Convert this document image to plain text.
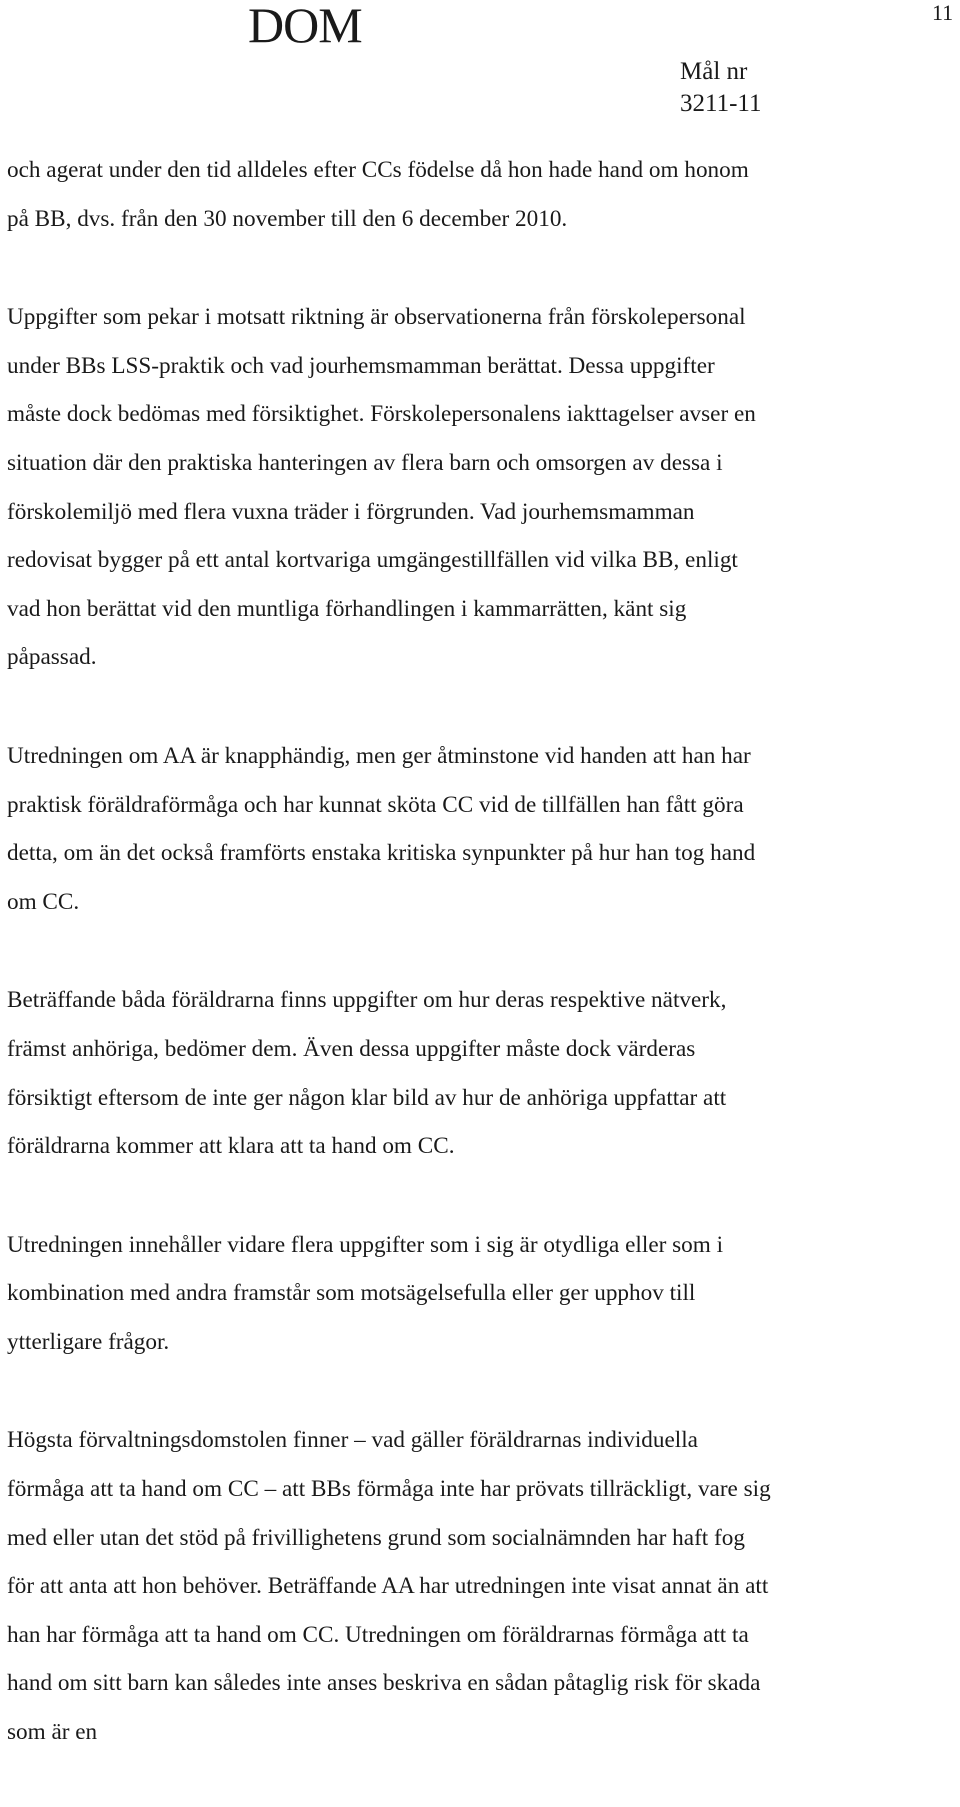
DOM	11
Mål nr
3211-11
och agerat under den tid alldeles efter CCs födelse då hon hade hand om honom
på BB, dvs. från den 30 november till den 6 december 2010.
Uppgifter som pekar i motsatt riktning är observationerna från förskolepersonal
under BBs LSS-praktik och vad jourhemsmamman berättat. Dessa uppgifter
måste dock bedömas med försiktighet. Förskolepersonalens iakttagelser avser en
situation där den praktiska hanteringen av flera barn och omsorgen av dessa i
förskolemiljö med flera vuxna träder i förgrunden. Vad jourhemsmamman
redovisat bygger på ett antal kortvariga umgängestillfällen vid vilka BB, enligt
vad hon berättat vid den muntliga förhandlingen i kammarrätten, känt sig
påpassad.
Utredningen om AA är knapphändig, men ger åtminstone vid handen att han har
praktisk föräldraförmåga och har kunnat sköta CC vid de tillfällen han fått göra
detta, om än det också framförts enstaka kritiska synpunkter på hur han tog hand
om CC.
Beträffande båda föräldrarna finns uppgifter om hur deras respektive nätverk,
främst anhöriga, bedömer dem. Även dessa uppgifter måste dock värderas
försiktigt eftersom de inte ger någon klar bild av hur de anhöriga uppfattar att
föräldrarna kommer att klara att ta hand om CC.
Utredningen innehåller vidare flera uppgifter som i sig är otydliga eller som i
kombination med andra framstår som motsägelsefulla eller ger upphov till
ytterligare frågor.
Högsta förvaltningsdomstolen finner – vad gäller föräldrarnas individuella
förmåga att ta hand om CC – att BBs förmåga inte har prövats tillräckligt, vare sig
med eller utan det stöd på frivillighetens grund som socialnämnden har haft fog
för att anta att hon behöver. Beträffande AA har utredningen inte visat annat än att
han har förmåga att ta hand om CC. Utredningen om föräldrarnas förmåga att ta
hand om sitt barn kan således inte anses beskriva en sådan påtaglig risk för skada
som är en
